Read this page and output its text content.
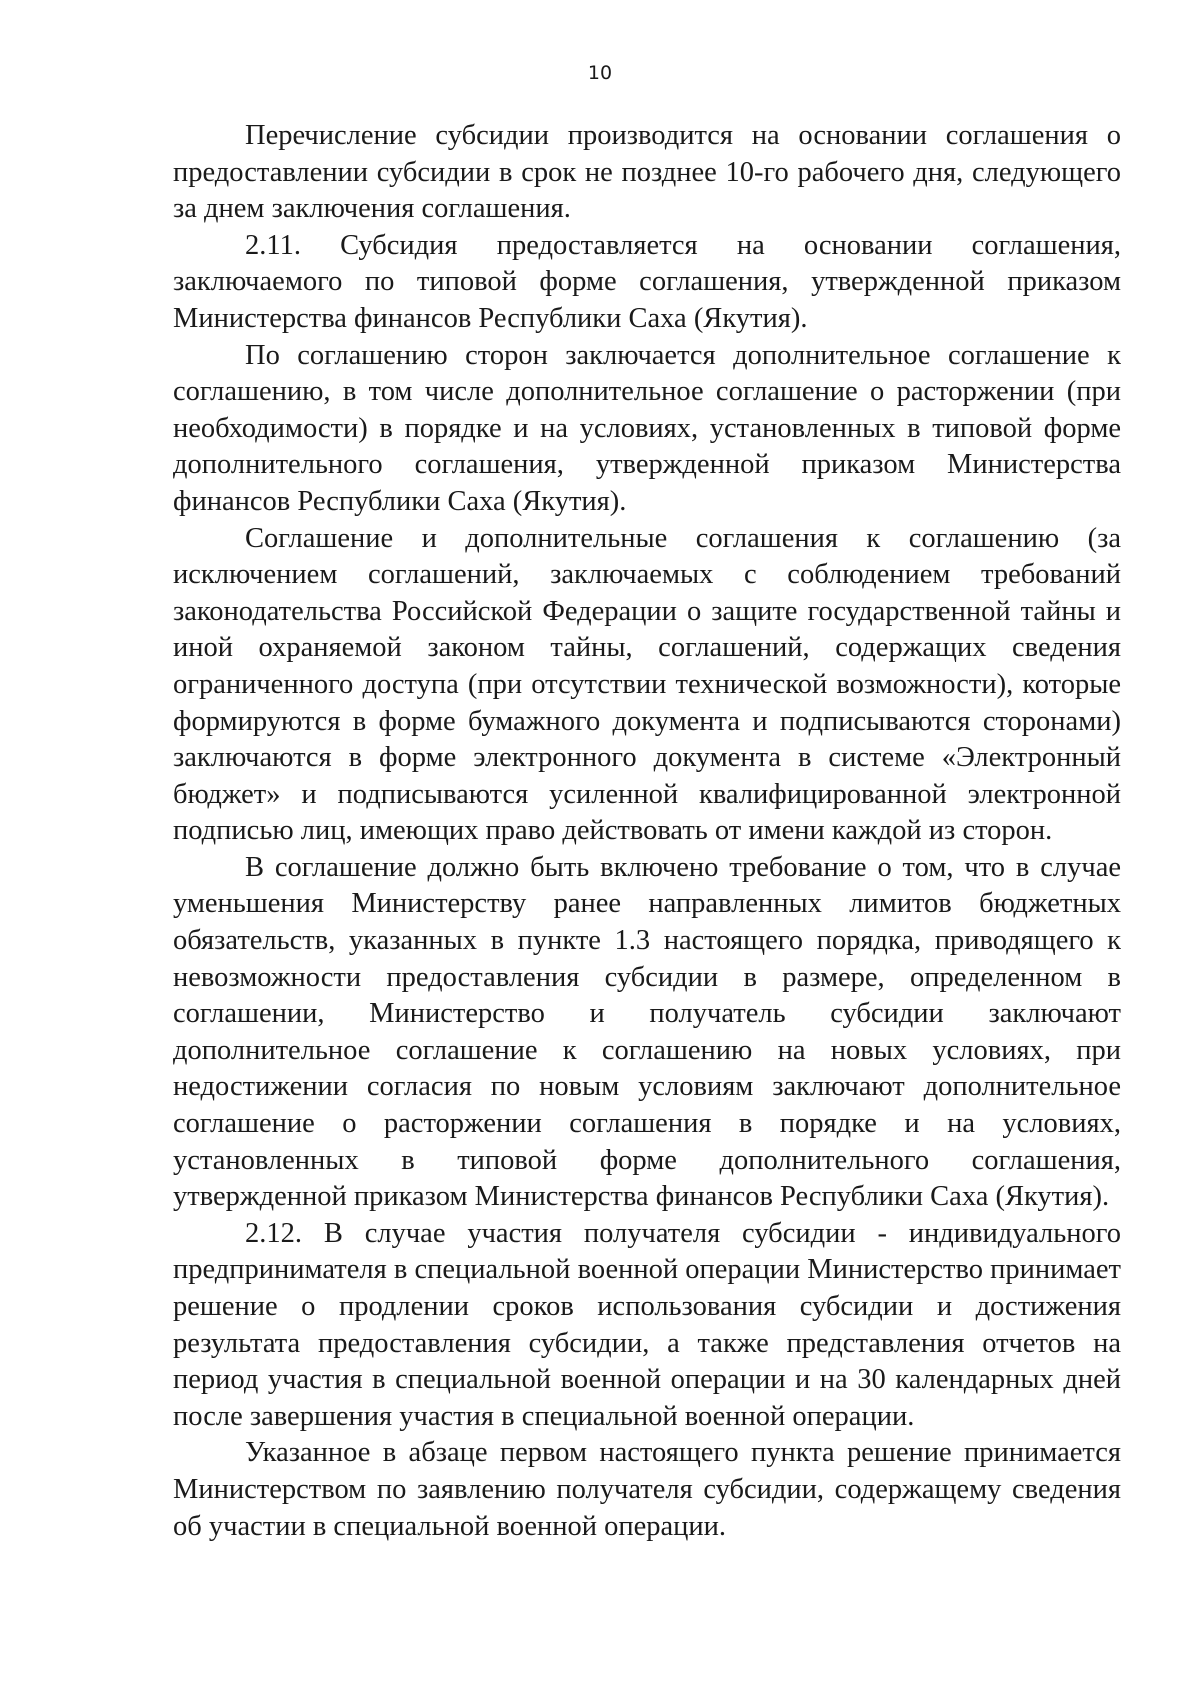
10

Перечисление субсидии производится на основании соглашения о предоставлении субсидии в срок не позднее 10-го рабочего дня, следующего за днем заключения соглашения.

2.11. Субсидия предоставляется на основании соглашения, заключаемого по типовой форме соглашения, утвержденной приказом Министерства финансов Республики Саха (Якутия).

По соглашению сторон заключается дополнительное соглашение к соглашению, в том числе дополнительное соглашение о расторжении (при необходимости) в порядке и на условиях, установленных в типовой форме дополнительного соглашения, утвержденной приказом Министерства финансов Республики Саха (Якутия).

Соглашение и дополнительные соглашения к соглашению (за исключением соглашений, заключаемых с соблюдением требований законодательства Российской Федерации о защите государственной тайны и иной охраняемой законом тайны, соглашений, содержащих сведения ограниченного доступа (при отсутствии технической возможности), которые формируются в форме бумажного документа и подписываются сторонами) заключаются в форме электронного документа в системе «Электронный бюджет» и подписываются усиленной квалифицированной электронной подписью лиц, имеющих право действовать от имени каждой из сторон.

В соглашение должно быть включено требование о том, что в случае уменьшения Министерству ранее направленных лимитов бюджетных обязательств, указанных в пункте 1.3 настоящего порядка, приводящего к невозможности предоставления субсидии в размере, определенном в соглашении, Министерство и получатель субсидии заключают дополнительное соглашение к соглашению на новых условиях, при недостижении согласия по новым условиям заключают дополнительное соглашение о расторжении соглашения в порядке и на условиях, установленных в типовой форме дополнительного соглашения, утвержденной приказом Министерства финансов Республики Саха (Якутия).

2.12. В случае участия получателя субсидии - индивидуального предпринимателя в специальной военной операции Министерство принимает решение о продлении сроков использования субсидии и достижения результата предоставления субсидии, а также представления отчетов на период участия в специальной военной операции и на 30 календарных дней после завершения участия в специальной военной операции.

Указанное в абзаце первом настоящего пункта решение принимается Министерством по заявлению получателя субсидии, содержащему сведения об участии в специальной военной операции.
